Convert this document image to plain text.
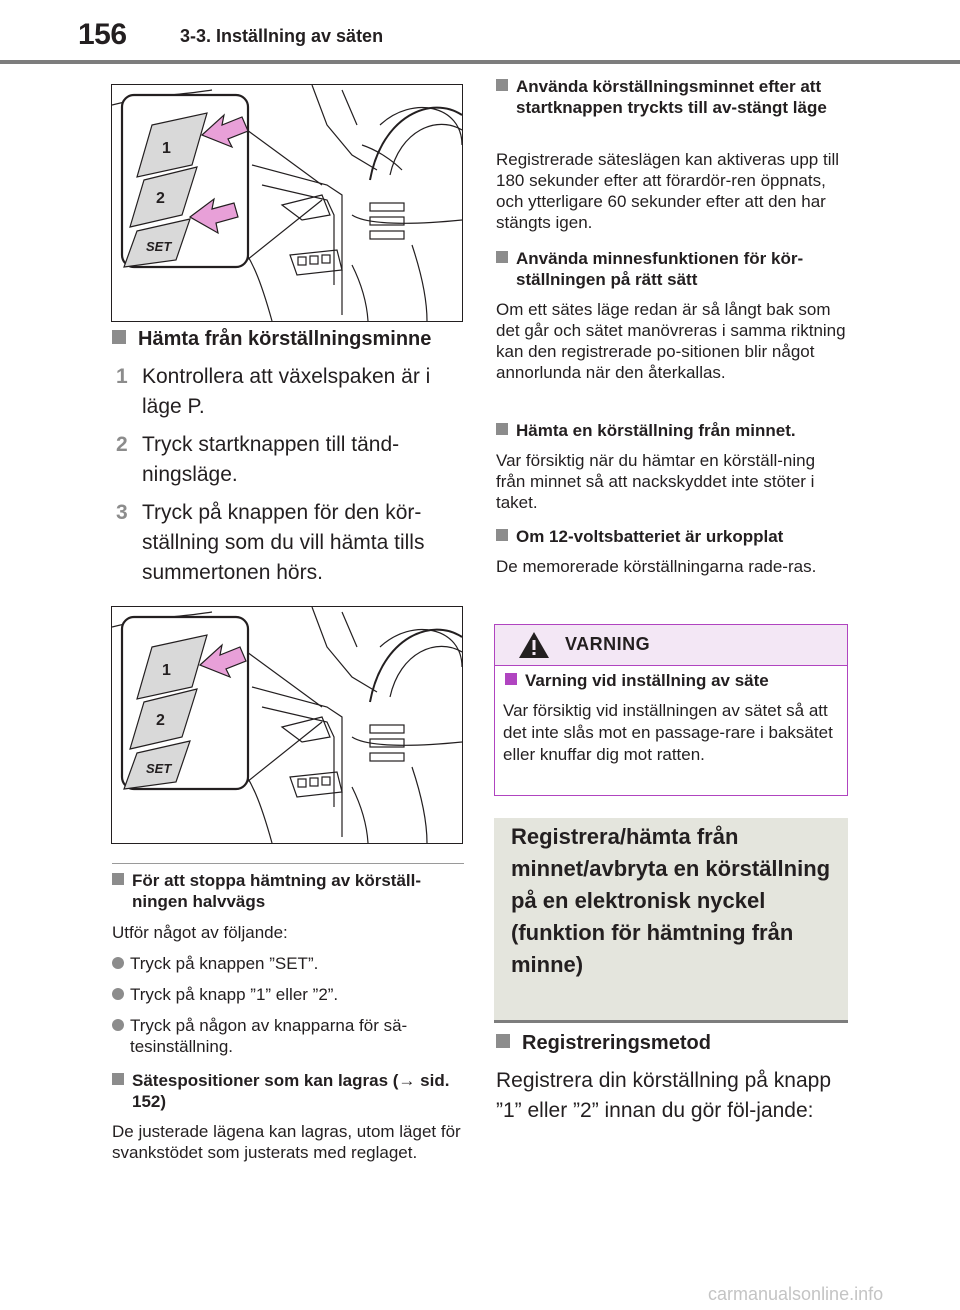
156	3-3. Inställning av säten
1
2
SET
Hämta från körställningsminne
1 Kontrollera att växelspaken är i läge P.
2 Tryck startknappen till tänd-ningsläge.
3 Tryck på knappen för den kör-ställning som du vill hämta tills summertonen hörs.
1
2
SET
För att stoppa hämtning av körställ-ningen halvvägs
Utför något av följande:
Tryck på knappen ”SET”.
Tryck på knapp ”1” eller ”2”.
Tryck på någon av knapparna för sä-tesinställning.
Sätespositioner som kan lagras (→ sid. 152)
De justerade lägena kan lagras, utom läget för svankstödet som justerats med reglaget.
Använda körställningsminnet efter att startknappen tryckts till av-stängt läge
Registrerade säteslägen kan aktiveras upp till 180 sekunder efter att förardör-ren öppnats, och ytterligare 60 sekunder efter att den har stängts igen.
Använda minnesfunktionen för kör-ställningen på rätt sätt
Om ett sätes läge redan är så långt bak som det går och sätet manövreras i samma riktning kan den registrerade po-sitionen blir något annorlunda när den återkallas.
Hämta en körställning från minnet.
Var försiktig när du hämtar en körställ-ning från minnet så att nackskyddet inte stöter i taket.
Om 12-voltsbatteriet är urkopplat
De memorerade körställningarna rade-ras.
VARNING
Varning vid inställning av säte
Var försiktig vid inställningen av sätet så att det inte slås mot en passage-rare i baksätet eller knuffar dig mot ratten.
Registrera/hämta från minnet/avbryta en körställning på en elektronisk nyckel (funktion för hämtning från minne)
Registreringsmetod
Registrera din körställning på knapp ”1” eller ”2” innan du gör föl-jande:
carmanualsonline.info
